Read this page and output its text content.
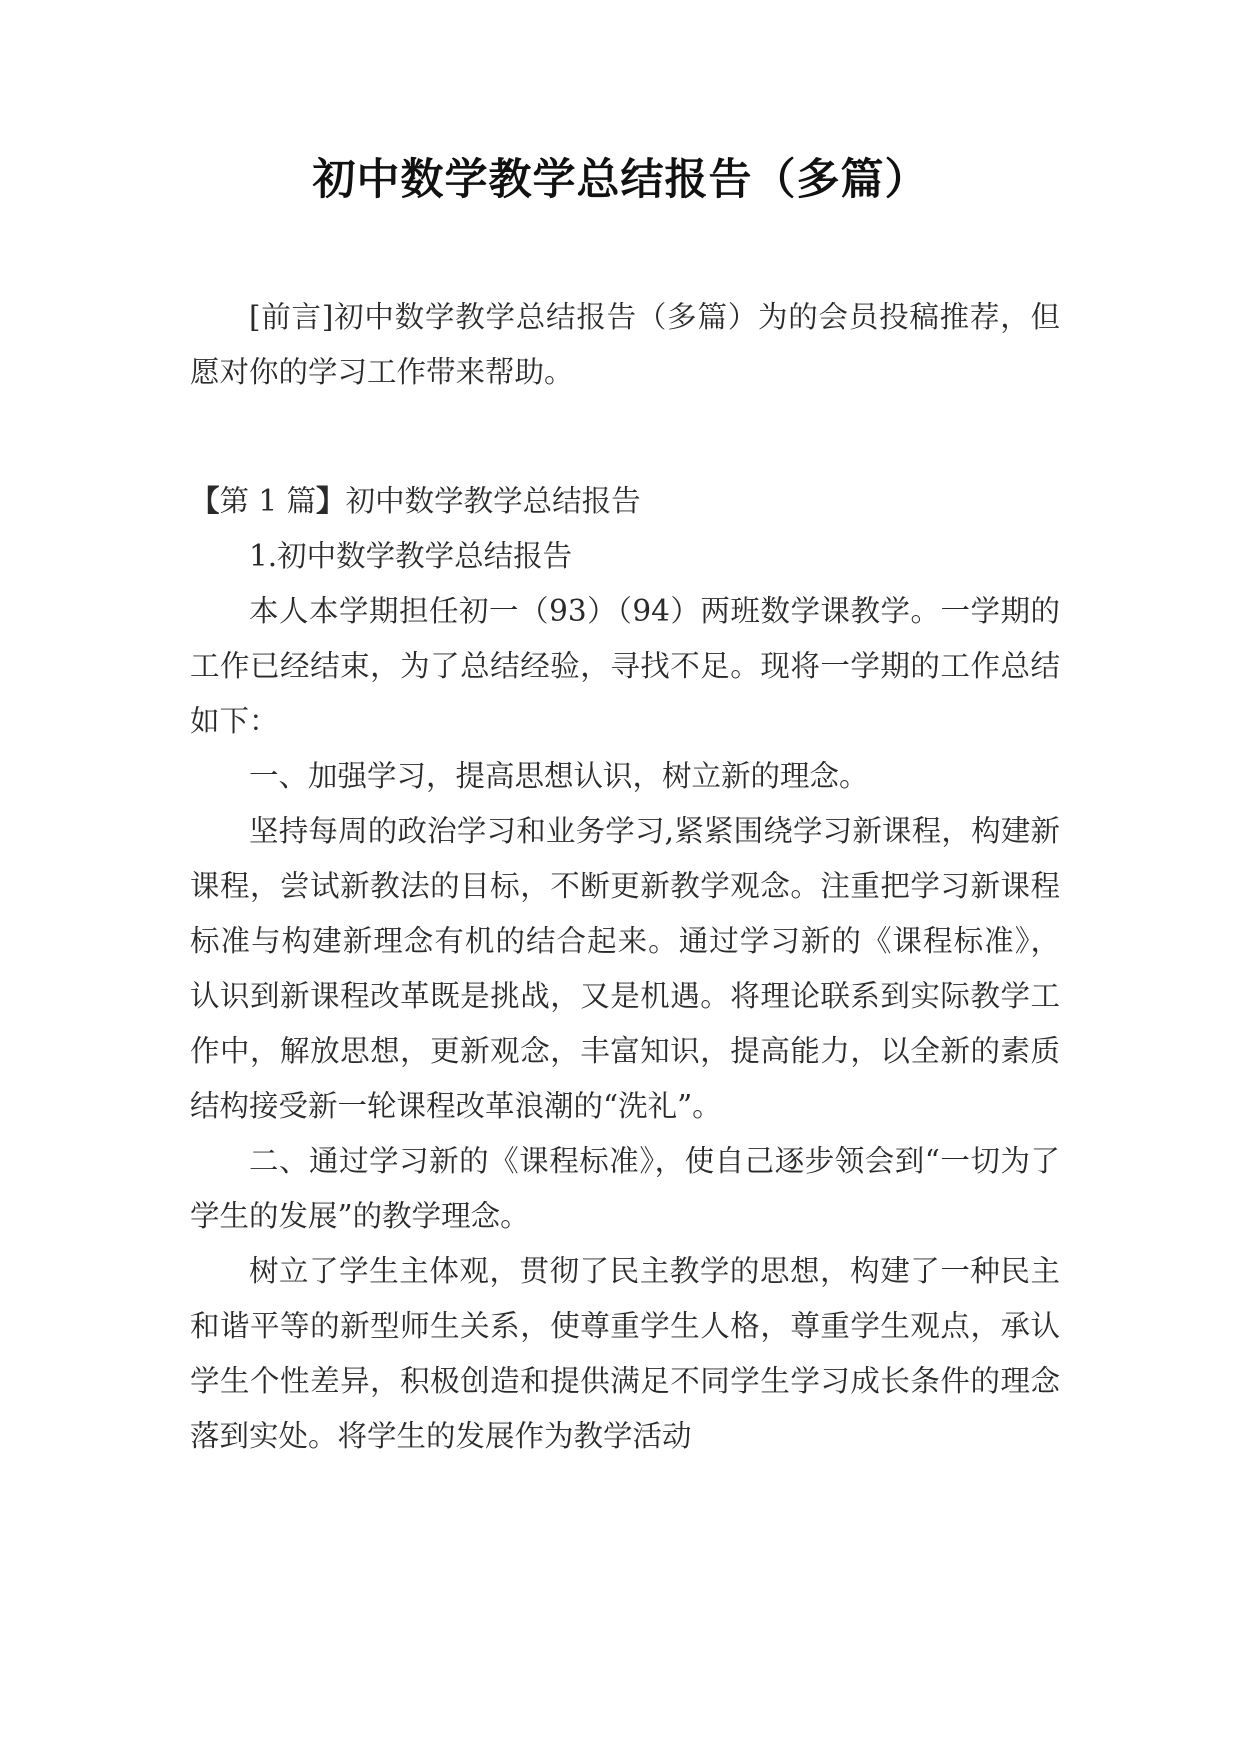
初中数学教学总结报告（多篇）

[前言]初中数学教学总结报告（多篇）为的会员投稿推荐，但愿对你的学习工作带来帮助。

【第 1 篇】初中数学教学总结报告

1.初中数学教学总结报告

本人本学期担任初一（93）（94）两班数学课教学。一学期的工作已经结束，为了总结经验，寻找不足。现将一学期的工作总结如下：

一、加强学习，提高思想认识，树立新的理念。

坚持每周的政治学习和业务学习,紧紧围绕学习新课程，构建新课程，尝试新教法的目标，不断更新教学观念。注重把学习新课程标准与构建新理念有机的结合起来。通过学习新的《课程标准》，认识到新课程改革既是挑战，又是机遇。将理论联系到实际教学工作中，解放思想，更新观念，丰富知识，提高能力，以全新的素质结构接受新一轮课程改革浪潮的“洗礼”。

二、通过学习新的《课程标准》，使自己逐步领会到“一切为了学生的发展”的教学理念。

树立了学生主体观，贯彻了民主教学的思想，构建了一种民主和谐平等的新型师生关系，使尊重学生人格，尊重学生观点，承认学生个性差异，积极创造和提供满足不同学生学习成长条件的理念落到实处。将学生的发展作为教学活动
